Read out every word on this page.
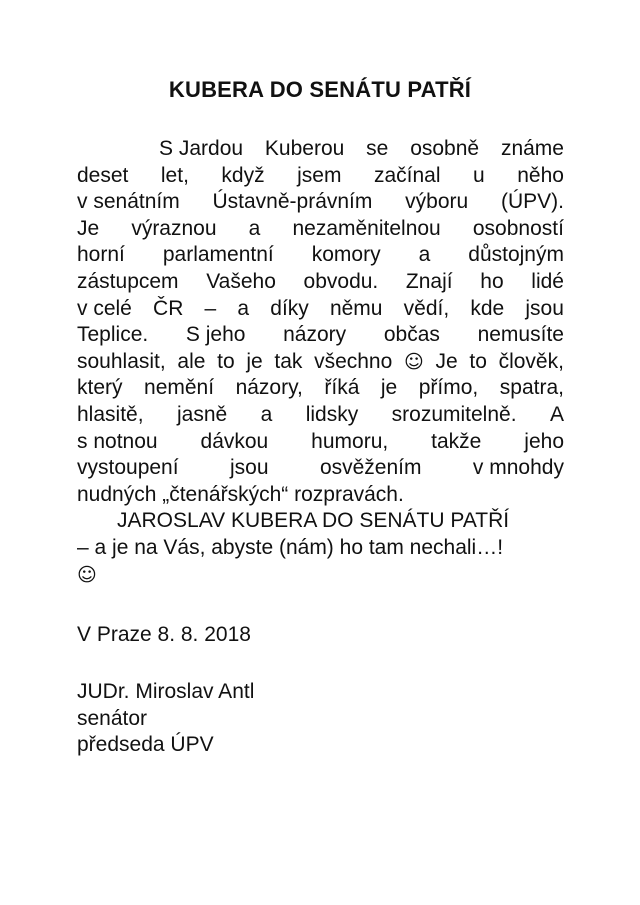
KUBERA DO SENÁTU PATŘÍ
S Jardou Kuberou se osobně známe
deset let, když jsem začínal u něho
v senátním Ústavně-právním výboru (ÚPV).
Je výraznou a nezaměnitelnou osobností
horní parlamentní komory a důstojným
zástupcem Vašeho obvodu. Znají ho lidé
v celé ČR – a díky němu vědí, kde jsou
Teplice. S jeho názory občas nemusíte
souhlasit, ale to je tak všechno ☺ Je to člověk,
který nemění názory, říká je přímo, spatra,
hlasitě, jasně a lidsky srozumitelně. A
s notnou dávkou humoru, takže jeho
vystoupení jsou osvěžením v mnohdy
nudných „čtenářských“ rozpravách.
JAROSLAV KUBERA DO SENÁTU PATŘÍ
– a je na Vás, abyste (nám) ho tam nechali…!
☺
V Praze 8. 8. 2018
JUDr. Miroslav Antl
senátor
předseda ÚPV
